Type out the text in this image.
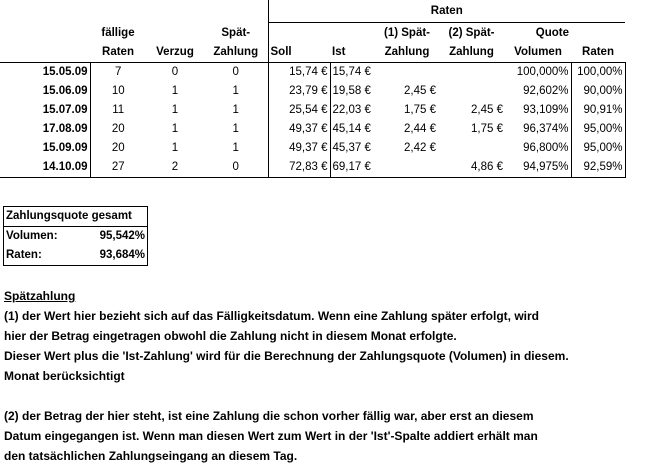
				Raten					
	fällige		Spät-			(1) Spät-	(2) Spät-	Quote	
	Raten	Verzug	Zahlung	Soll	Ist	Zahlung	Zahlung	Volumen	Raten
15.05.09	7	0	0	15,74 €	15,74 €			100,000%	100,00%
15.06.09	10	1	1	23,79 €	19,58 €	2,45 €		92,602%	90,00%
15.07.09	11	1	1	25,54 €	22,03 €	1,75 €	2,45 €	93,109%	90,91%
17.08.09	20	1	1	49,37 €	45,14 €	2,44 €	1,75 €	96,374%	95,00%
15.09.09	20	1	1	49,37 €	45,37 €	2,42 €		96,800%	95,00%
14.10.09	27	2	0	72,83 €	69,17 €		4,86 €	94,975%	92,59%
Zahlungsquote gesamt	
Volumen:	95,542%
Raten:	93,684%

Spätzahlung

(1) der Wert hier bezieht sich auf das Fälligkeitsdatum. Wenn eine Zahlung später erfolgt, wird

hier der Betrag eingetragen obwohl die Zahlung nicht in diesem Monat erfolgte.

Dieser Wert plus die 'Ist-Zahlung' wird für die Berechnung der Zahlungsquote (Volumen) in diesem.

Monat berücksichtigt

(2) der Betrag der hier steht, ist eine Zahlung die schon vorher fällig war, aber erst an diesem

Datum eingegangen ist. Wenn man diesen Wert zum Wert in der 'Ist'-Spalte addiert erhält man

den tatsächlichen Zahlungseingang an diesem Tag.
